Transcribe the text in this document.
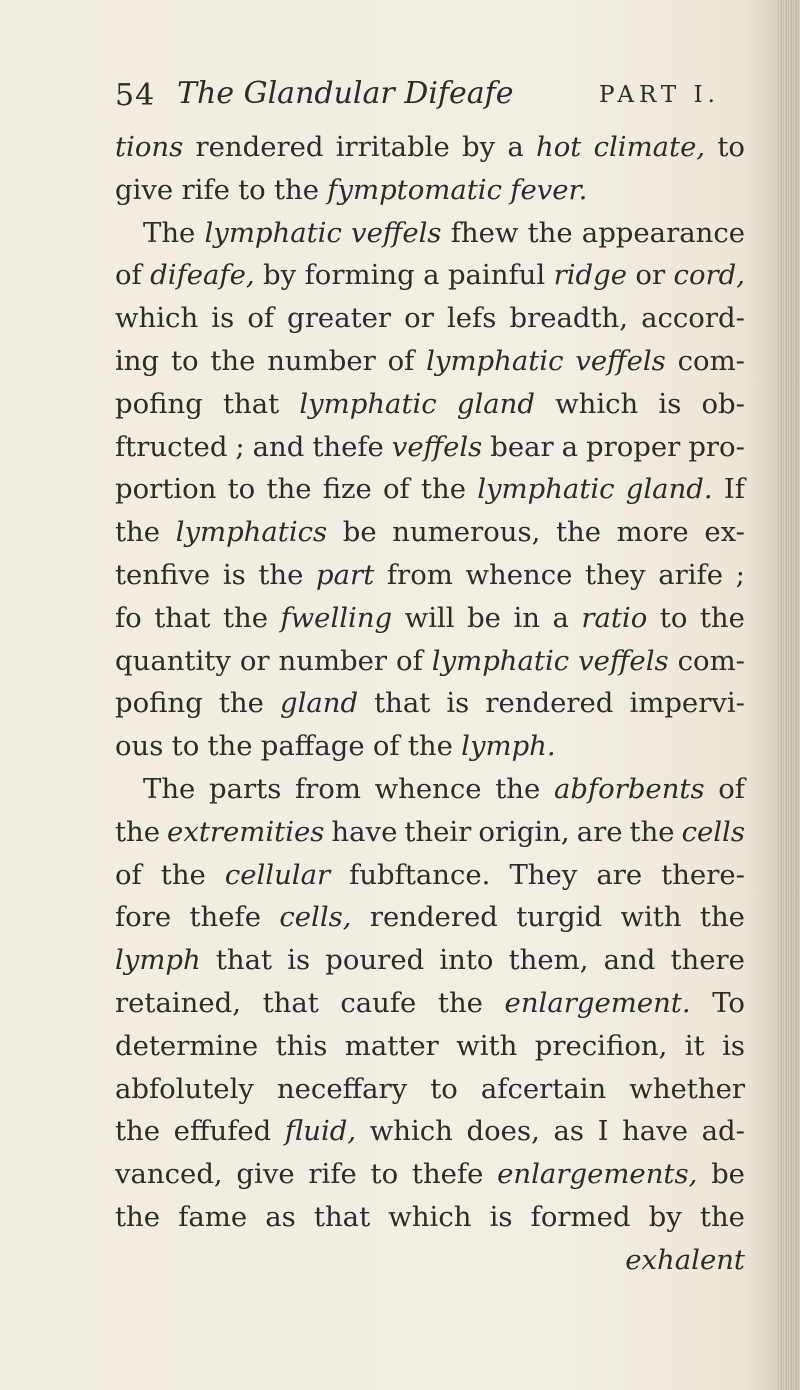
54 The Glandular Difeafe	PART I.
tions rendered irritable by a hot climate, to
give rife to the fymptomatic fever.
The lymphatic veffels fhew the appearance
of difeafe, by forming a painful ridge or cord,
which is of greater or lefs breadth, accord-
ing to the number of lymphatic veffels com-
pofing that lymphatic gland which is ob-
ftructed ; and thefe veffels bear a proper pro-
portion to the fize of the lymphatic gland. If
the lymphatics be numerous, the more ex-
tenfive is the part from whence they arife ;
fo that the fwelling will be in a ratio to the
quantity or number of lymphatic veffels com-
pofing the gland that is rendered impervi-
ous to the paffage of the lymph.
The parts from whence the abforbents of
the extremities have their origin, are the cells
of the cellular fubftance. They are there-
fore thefe cells, rendered turgid with the
lymph that is poured into them, and there
retained, that caufe the enlargement. To
determine this matter with precifion, it is
abfolutely neceffary to afcertain whether
the effufed fluid, which does, as I have ad-
vanced, give rife to thefe enlargements, be
the fame as that which is formed by the
exhalent
